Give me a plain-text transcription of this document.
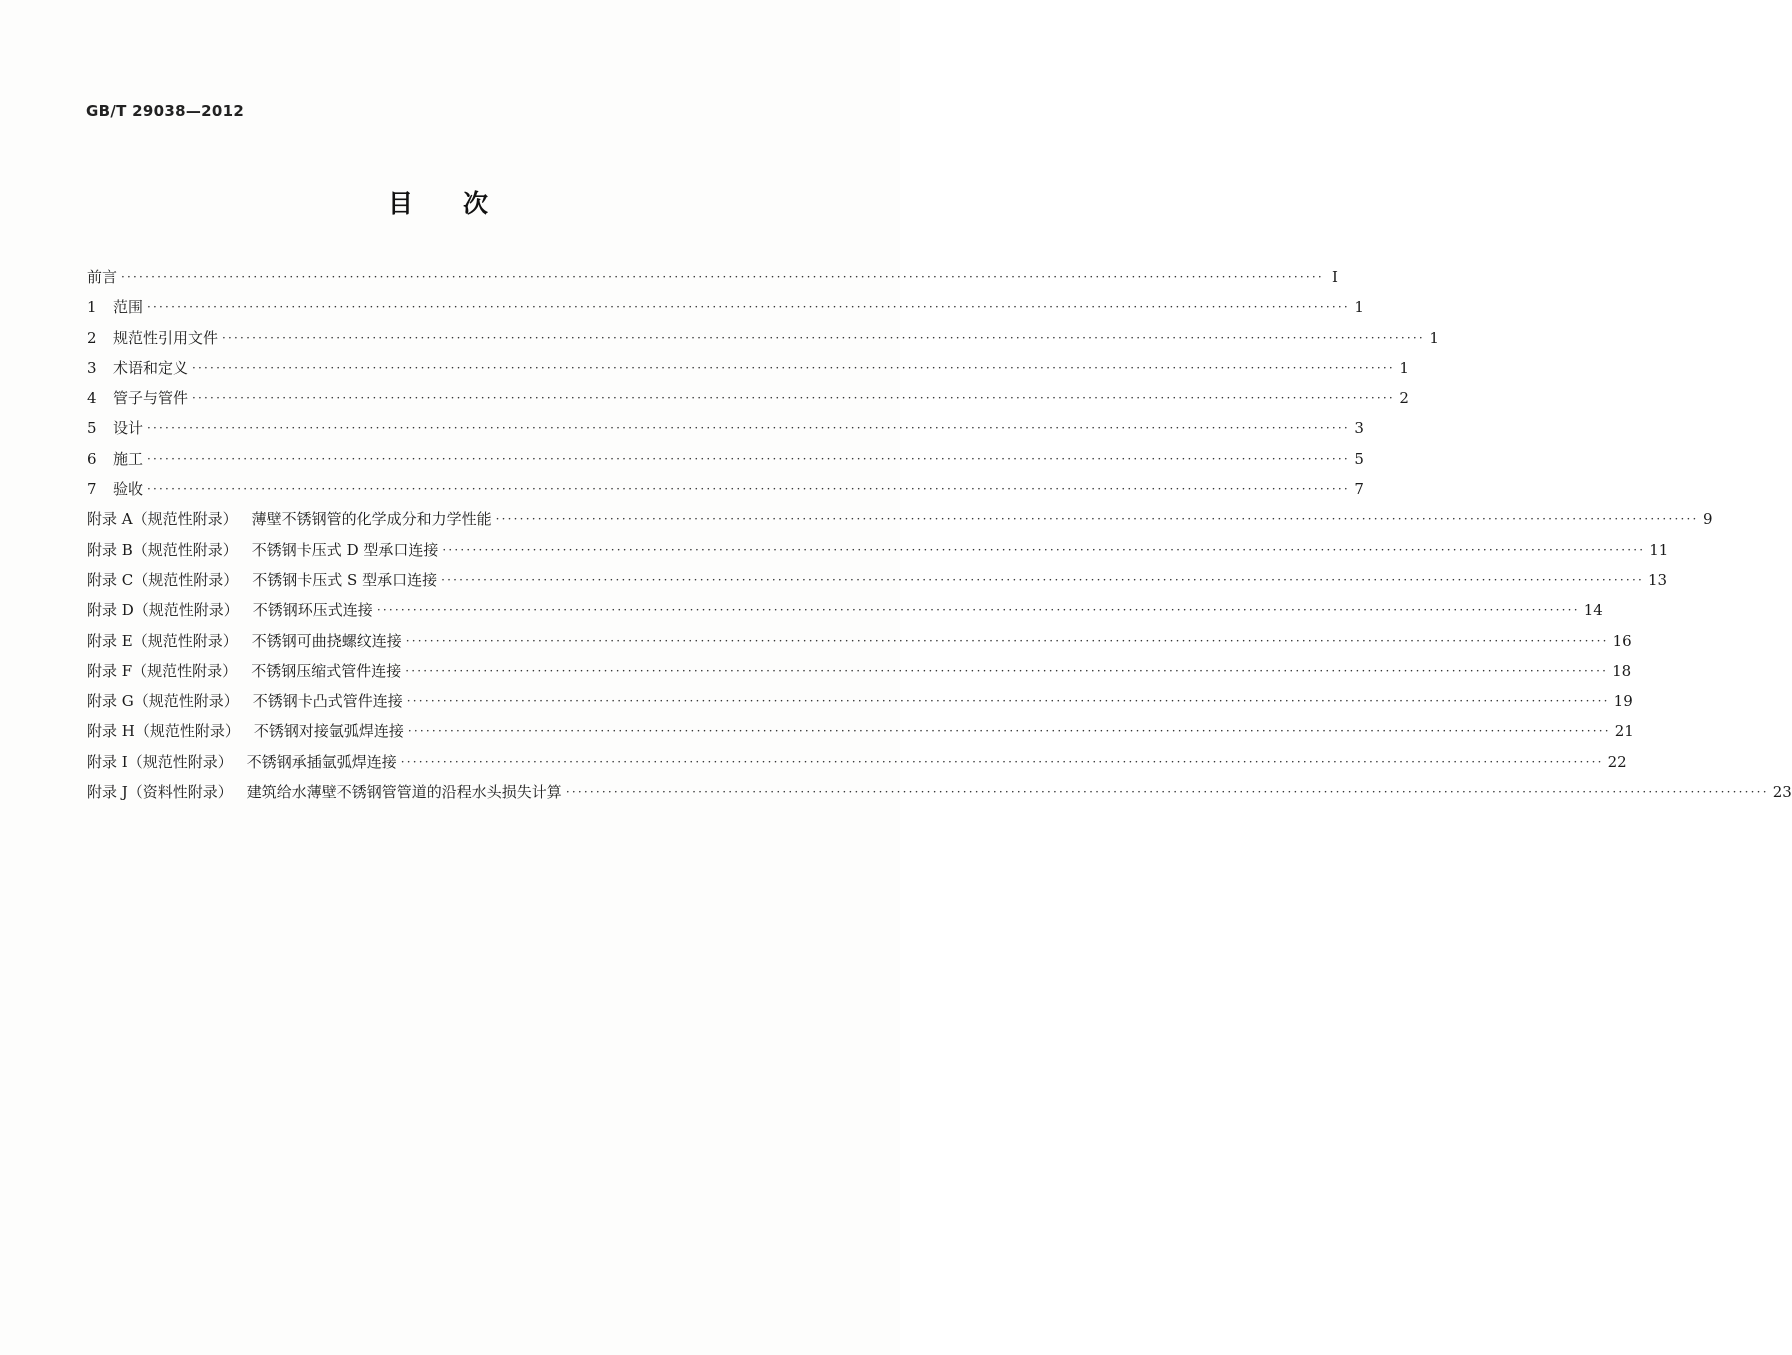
GB/T 29038—2012
目次
前言 ········································································································································································································ Ⅰ
1 范围 ········································································································································································································ 1
2 规范性引用文件 ········································································································································································································ 1
3 术语和定义 ········································································································································································································ 1
4 管子与管件 ········································································································································································································ 2
5 设计 ········································································································································································································ 3
6 施工 ········································································································································································································ 5
7 验收 ········································································································································································································ 7
附录 A（规范性附录） 薄壁不锈钢管的化学成分和力学性能 ········································································································································································································ 9
附录 B（规范性附录） 不锈钢卡压式 D 型承口连接 ········································································································································································································ 11
附录 C（规范性附录） 不锈钢卡压式 S 型承口连接 ········································································································································································································ 13
附录 D（规范性附录） 不锈钢环压式连接 ········································································································································································································ 14
附录 E（规范性附录） 不锈钢可曲挠螺纹连接 ········································································································································································································ 16
附录 F（规范性附录） 不锈钢压缩式管件连接 ········································································································································································································ 18
附录 G（规范性附录） 不锈钢卡凸式管件连接 ········································································································································································································ 19
附录 H（规范性附录） 不锈钢对接氩弧焊连接 ········································································································································································································ 21
附录 I（规范性附录） 不锈钢承插氩弧焊连接 ········································································································································································································ 22
附录 J（资料性附录） 建筑给水薄壁不锈钢管管道的沿程水头损失计算 ········································································································································································································ 23
